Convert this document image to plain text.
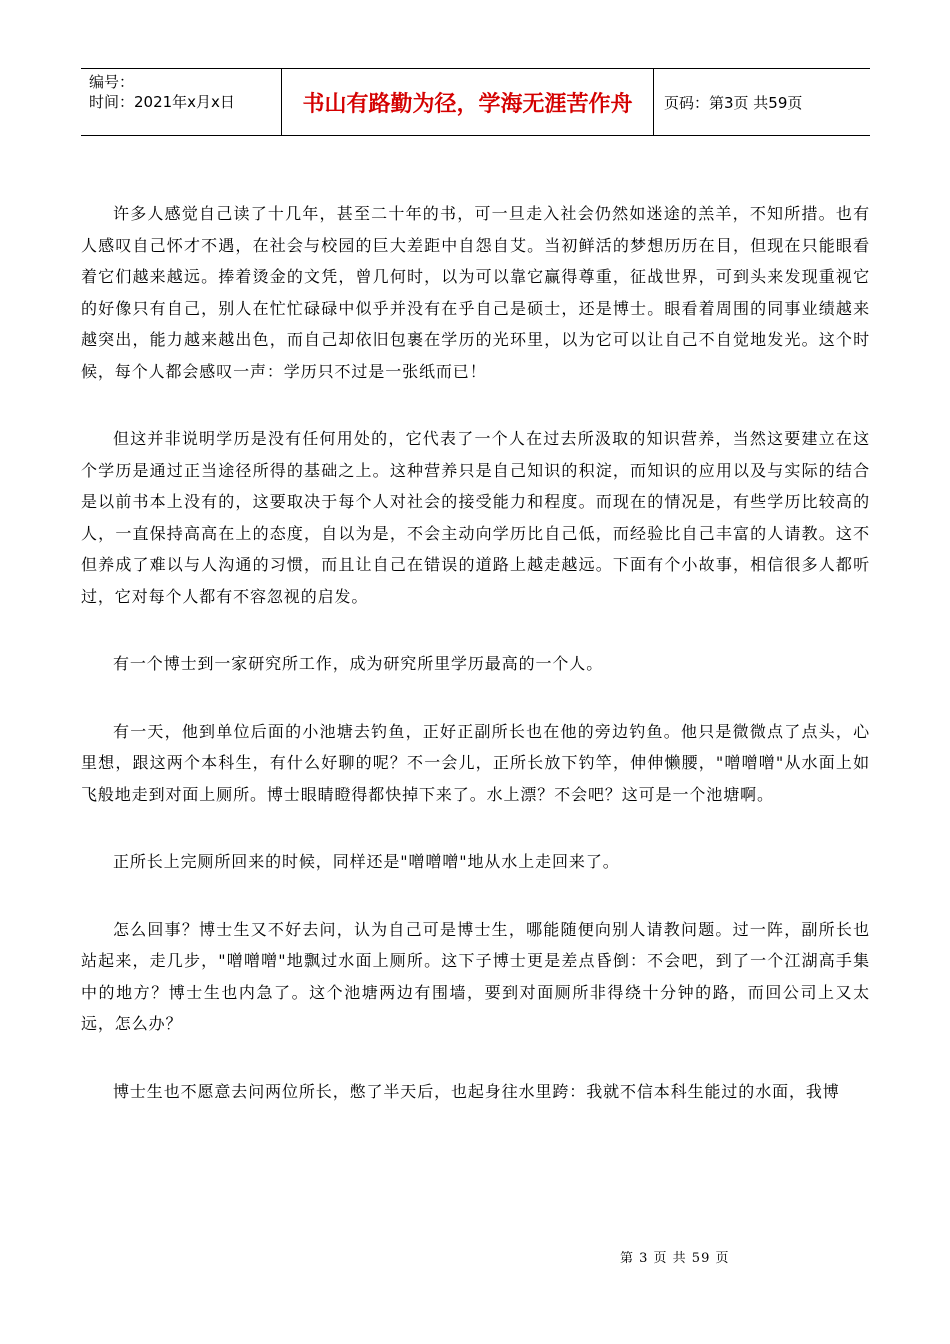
编号：
时间：2021年x月x日	书山有路勤为径，学海无涯苦作舟	页码：第3页 共59页

许多人感觉自己读了十几年，甚至二十年的书，可一旦走入社会仍然如迷途的羔羊，不知所措。也有人感叹自己怀才不遇，在社会与校园的巨大差距中自怨自艾。当初鲜活的梦想历历在目，但现在只能眼看着它们越来越远。捧着烫金的文凭，曾几何时，以为可以靠它赢得尊重，征战世界，可到头来发现重视它的好像只有自己，别人在忙忙碌碌中似乎并没有在乎自己是硕士，还是博士。眼看着周围的同事业绩越来越突出，能力越来越出色，而自己却依旧包裹在学历的光环里，以为它可以让自己不自觉地发光。这个时候，每个人都会感叹一声：学历只不过是一张纸而已！

但这并非说明学历是没有任何用处的，它代表了一个人在过去所汲取的知识营养，当然这要建立在这个学历是通过正当途径所得的基础之上。这种营养只是自己知识的积淀，而知识的应用以及与实际的结合是以前书本上没有的，这要取决于每个人对社会的接受能力和程度。而现在的情况是，有些学历比较高的人，一直保持高高在上的态度，自以为是，不会主动向学历比自己低，而经验比自己丰富的人请教。这不但养成了难以与人沟通的习惯，而且让自己在错误的道路上越走越远。下面有个小故事，相信很多人都听过，它对每个人都有不容忽视的启发。

有一个博士到一家研究所工作，成为研究所里学历最高的一个人。

有一天，他到单位后面的小池塘去钓鱼，正好正副所长也在他的旁边钓鱼。他只是微微点了点头，心里想，跟这两个本科生，有什么好聊的呢？不一会儿，正所长放下钓竿，伸伸懒腰，"噌噌噌"从水面上如飞般地走到对面上厕所。博士眼睛瞪得都快掉下来了。水上漂？不会吧？这可是一个池塘啊。

正所长上完厕所回来的时候，同样还是"噌噌噌"地从水上走回来了。

怎么回事？博士生又不好去问，认为自己可是博士生，哪能随便向别人请教问题。过一阵，副所长也站起来，走几步，"噌噌噌"地飘过水面上厕所。这下子博士更是差点昏倒：不会吧，到了一个江湖高手集中的地方？博士生也内急了。这个池塘两边有围墙，要到对面厕所非得绕十分钟的路，而回公司上又太远，怎么办？

博士生也不愿意去问两位所长，憋了半天后，也起身往水里跨：我就不信本科生能过的水面，我博

第 3 页 共 59 页
